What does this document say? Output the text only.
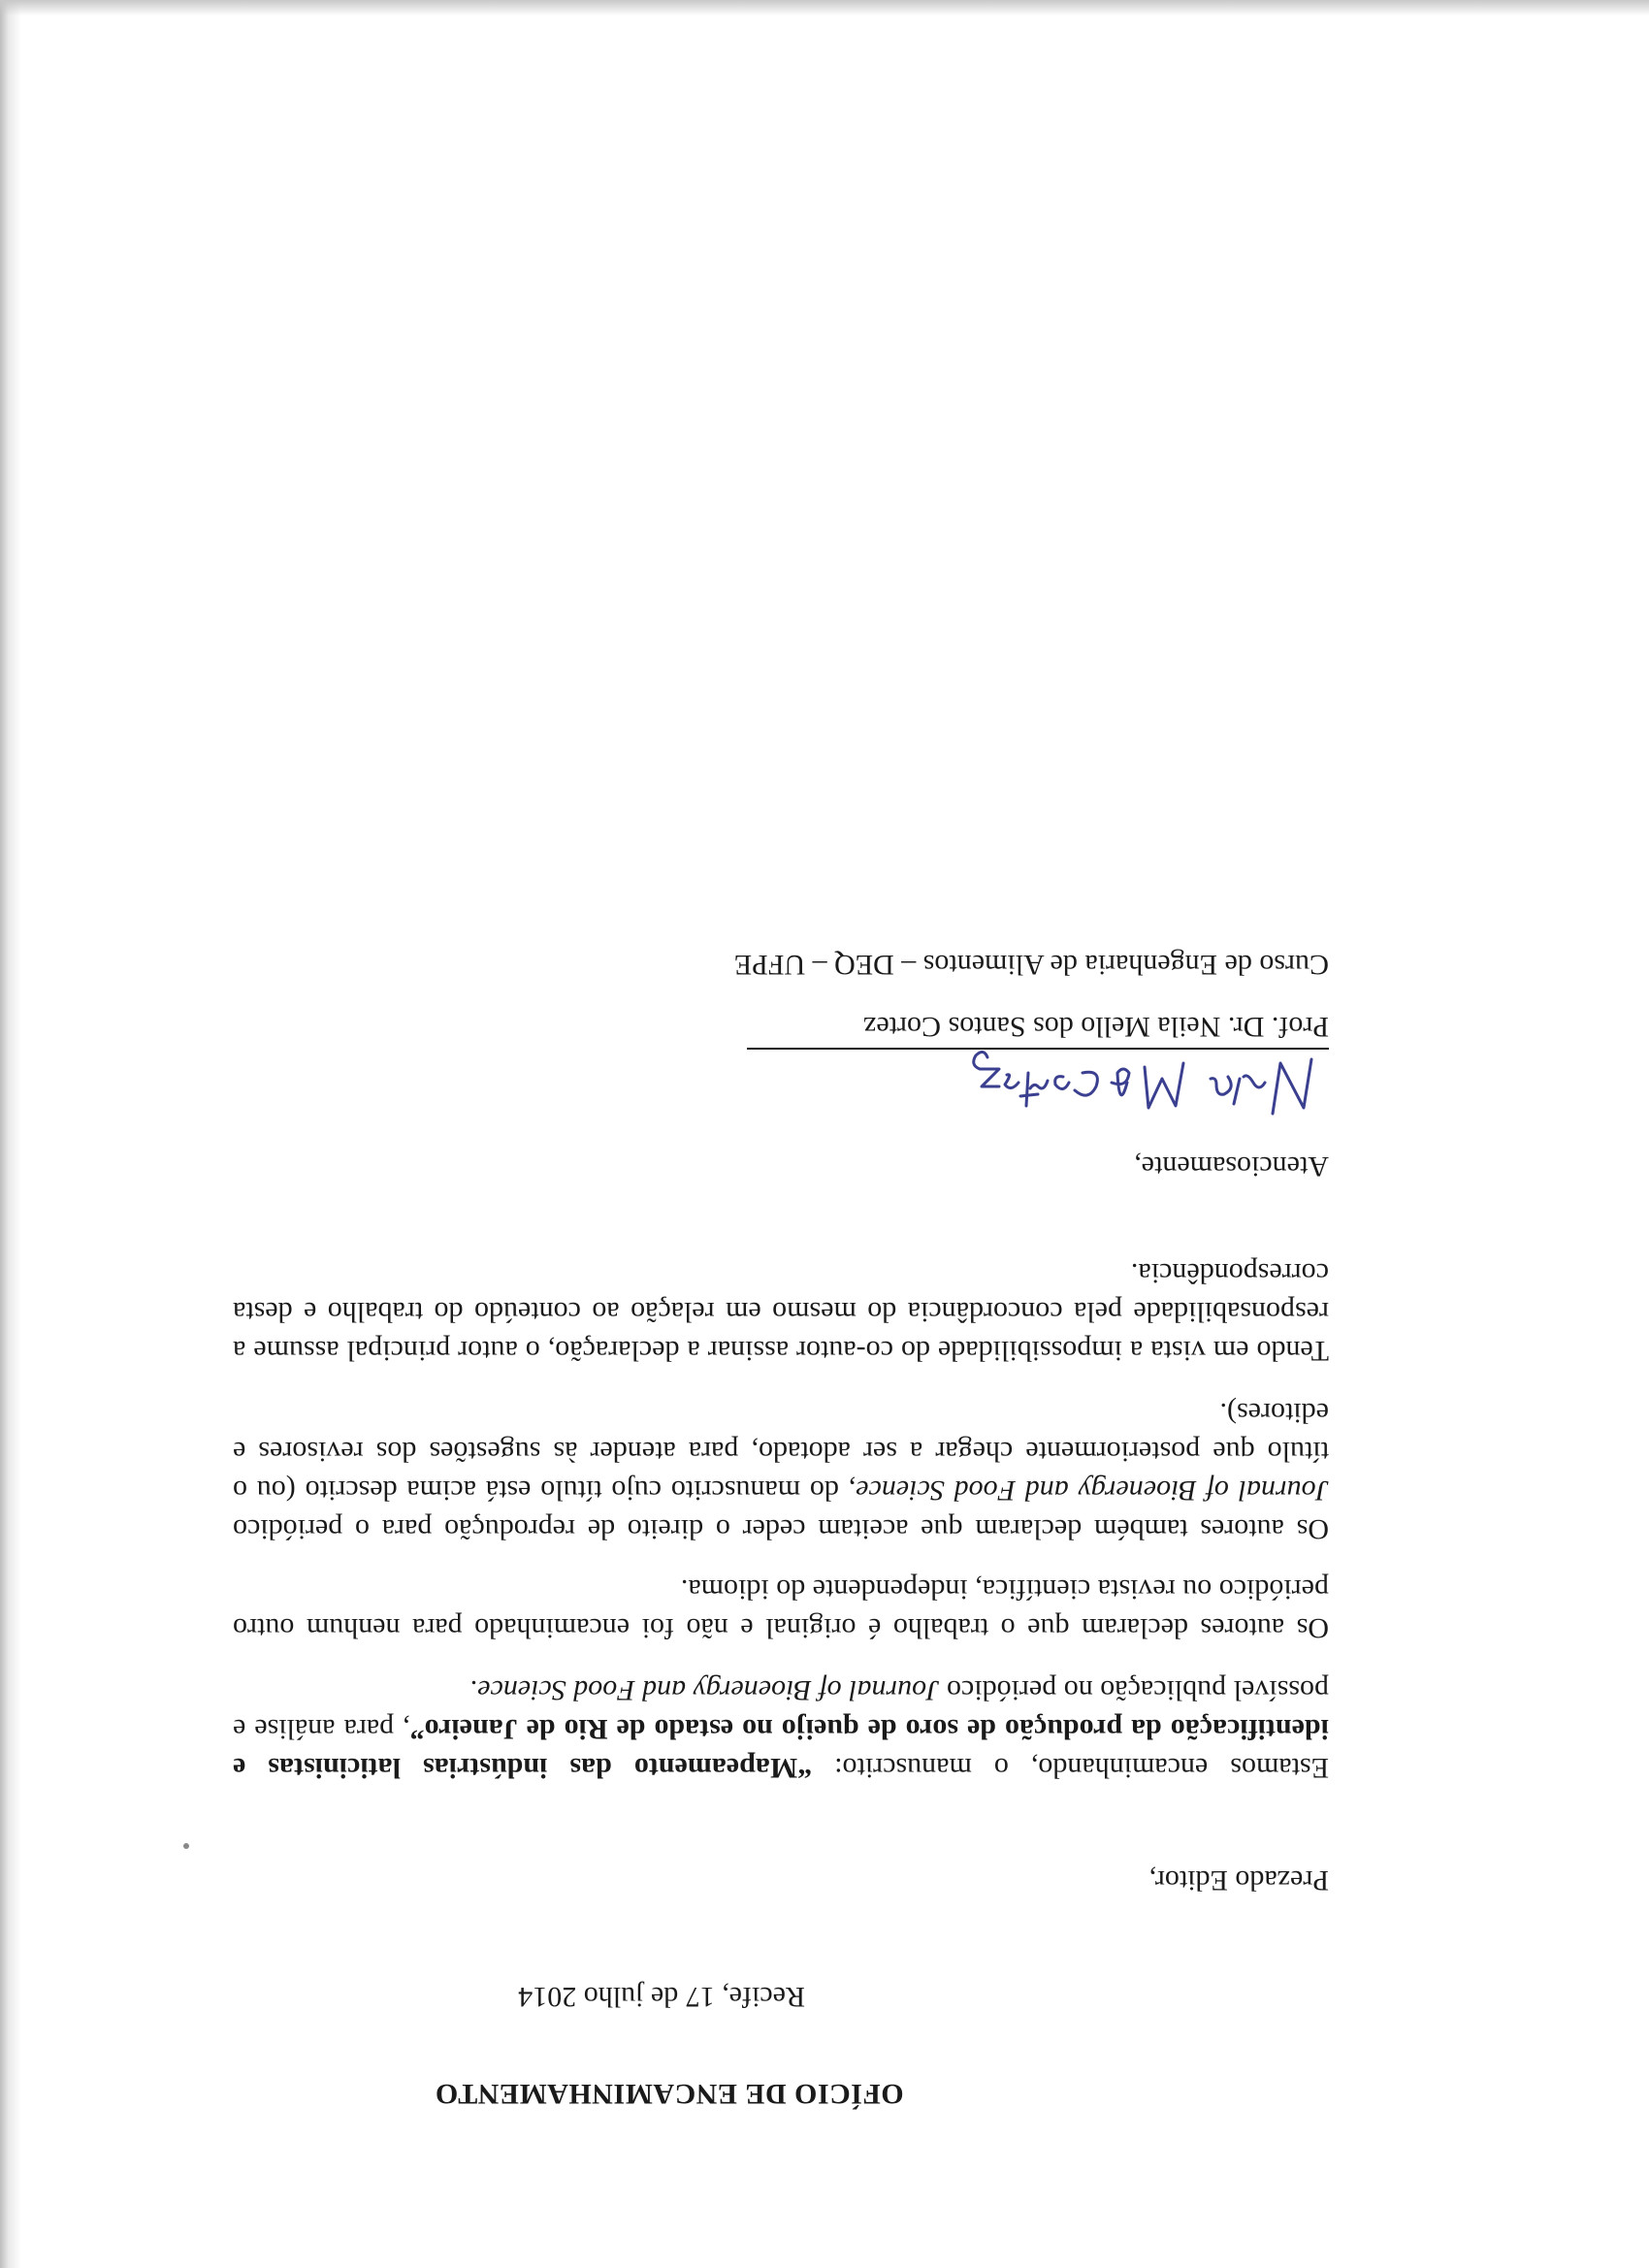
OFÍCIO DE ENCAMINHAMENTO
Recife, 17 de julho 2014
Prezado Editor,

Estamos encaminhando, o manuscrito: “Mapeamento das indústrias laticinistas e identificação da produção de soro de queijo no estado de Rio de Janeiro”, para análise e possível publicação no periódico Journal of Bioenergy and Food Science.

Os autores declaram que o trabalho é original e não foi encaminhado para nenhum outro periódico ou revista científica, independente do idioma.

Os autores também declaram que aceitam ceder o direito de reprodução para o periódico Journal of Bioenergy and Food Science, do manuscrito cujo título está acima descrito (ou o título que posteriormente chegar a ser adotado, para atender às sugestões dos revisores e editores).

Tendo em vista a impossibilidade do co-autor assinar a declaração, o autor principal assume a responsabilidade pela concordância do mesmo em relação ao conteúdo do trabalho e desta correspondência.

Atenciosamente,
Prof. Dr. Neila Mello dos Santos Cortez
Curso de Engenharia de Alimentos – DEQ – UFPE
